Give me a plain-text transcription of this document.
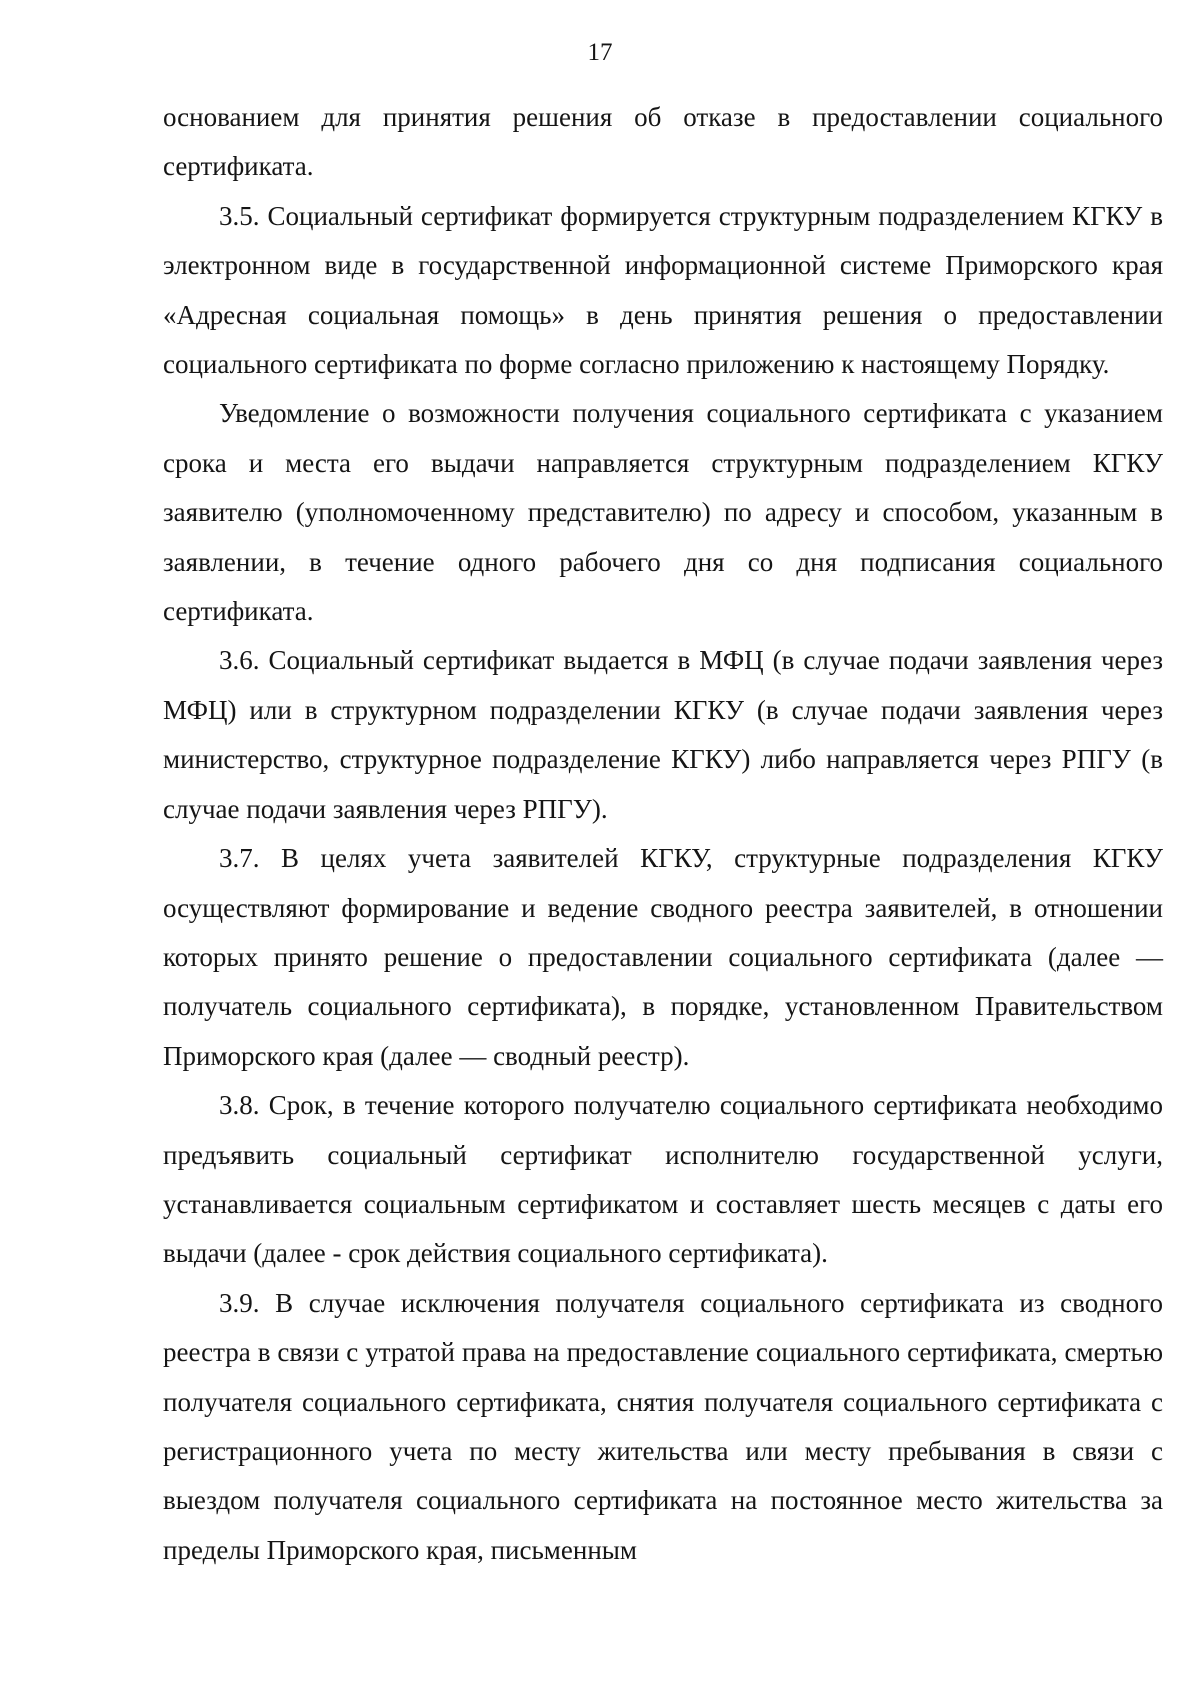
17

основанием для принятия решения об отказе в предоставлении социального сертификата.

3.5. Социальный сертификат формируется структурным подразделением КГКУ в электронном виде в государственной информационной системе Приморского края «Адресная социальная помощь» в день принятия решения о предоставлении социального сертификата по форме согласно приложению к настоящему Порядку.

Уведомление о возможности получения социального сертификата с указанием срока и места его выдачи направляется структурным подразделением КГКУ заявителю (уполномоченному представителю) по адресу и способом, указанным в заявлении, в течение одного рабочего дня со дня подписания социального сертификата.

3.6. Социальный сертификат выдается в МФЦ (в случае подачи заявления через МФЦ) или в структурном подразделении КГКУ (в случае подачи заявления через министерство, структурное подразделение КГКУ) либо направляется через РПГУ (в случае подачи заявления через РПГУ).

3.7. В целях учета заявителей КГКУ, структурные подразделения КГКУ осуществляют формирование и ведение сводного реестра заявителей, в отношении которых принято решение о предоставлении социального сертификата (далее — получатель социального сертификата), в порядке, установленном Правительством Приморского края (далее — сводный реестр).

3.8. Срок, в течение которого получателю социального сертификата необходимо предъявить социальный сертификат исполнителю государственной услуги, устанавливается социальным сертификатом и составляет шесть месяцев с даты его выдачи (далее - срок действия социального сертификата).

3.9. В случае исключения получателя социального сертификата из сводного реестра в связи с утратой права на предоставление социального сертификата, смертью получателя социального сертификата, снятия получателя социального сертификата с регистрационного учета по месту жительства или месту пребывания в связи с выездом получателя социального сертификата на постоянное место жительства за пределы Приморского края, письменным
